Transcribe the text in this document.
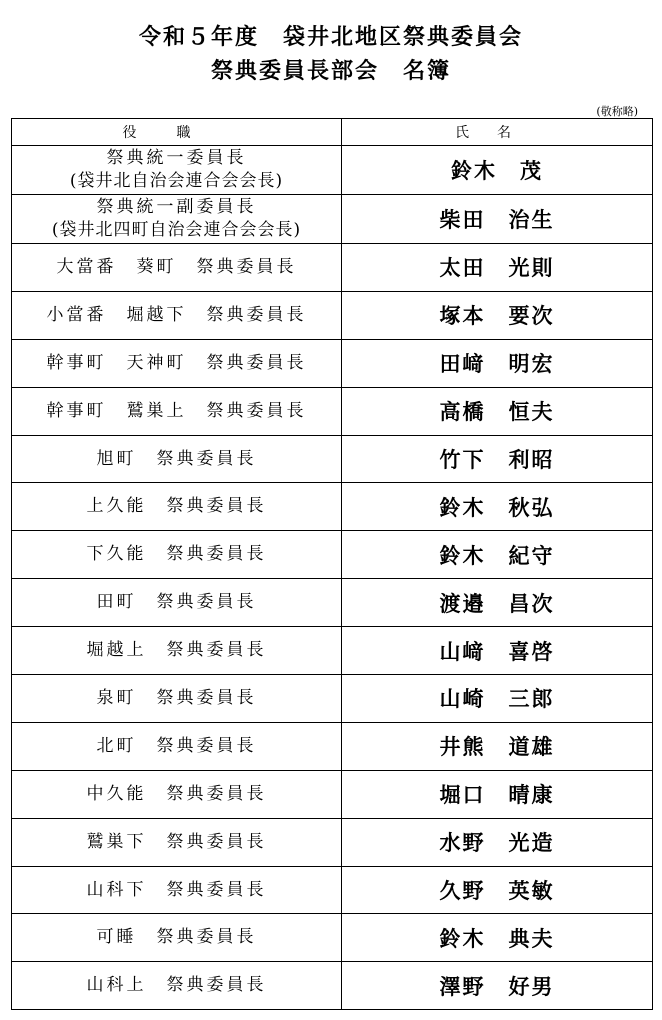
令和５年度　袋井北地区祭典委員会
祭典委員長部会　名簿
(敬称略)
役職	氏名
祭典統一委員長
(袋井北自治会連合会会長)	鈴木　茂
祭典統一副委員長
(袋井北四町自治会連合会会長)	柴田　治生
大當番　葵町　祭典委員長	太田　光則
小當番　堀越下　祭典委員長	塚本　要次
幹事町　天神町　祭典委員長	田﨑　明宏
幹事町　鷲巣上　祭典委員長	高橋　恒夫
旭町　祭典委員長	竹下　利昭
上久能　祭典委員長	鈴木　秋弘
下久能　祭典委員長	鈴木　紀守
田町　祭典委員長	渡邉　昌次
堀越上　祭典委員長	山﨑　喜啓
泉町　祭典委員長	山崎　三郎
北町　祭典委員長	井熊　道雄
中久能　祭典委員長	堀口　晴康
鷲巣下　祭典委員長	水野　光造
山科下　祭典委員長	久野　英敏
可睡　祭典委員長	鈴木　典夫
山科上　祭典委員長	澤野　好男
